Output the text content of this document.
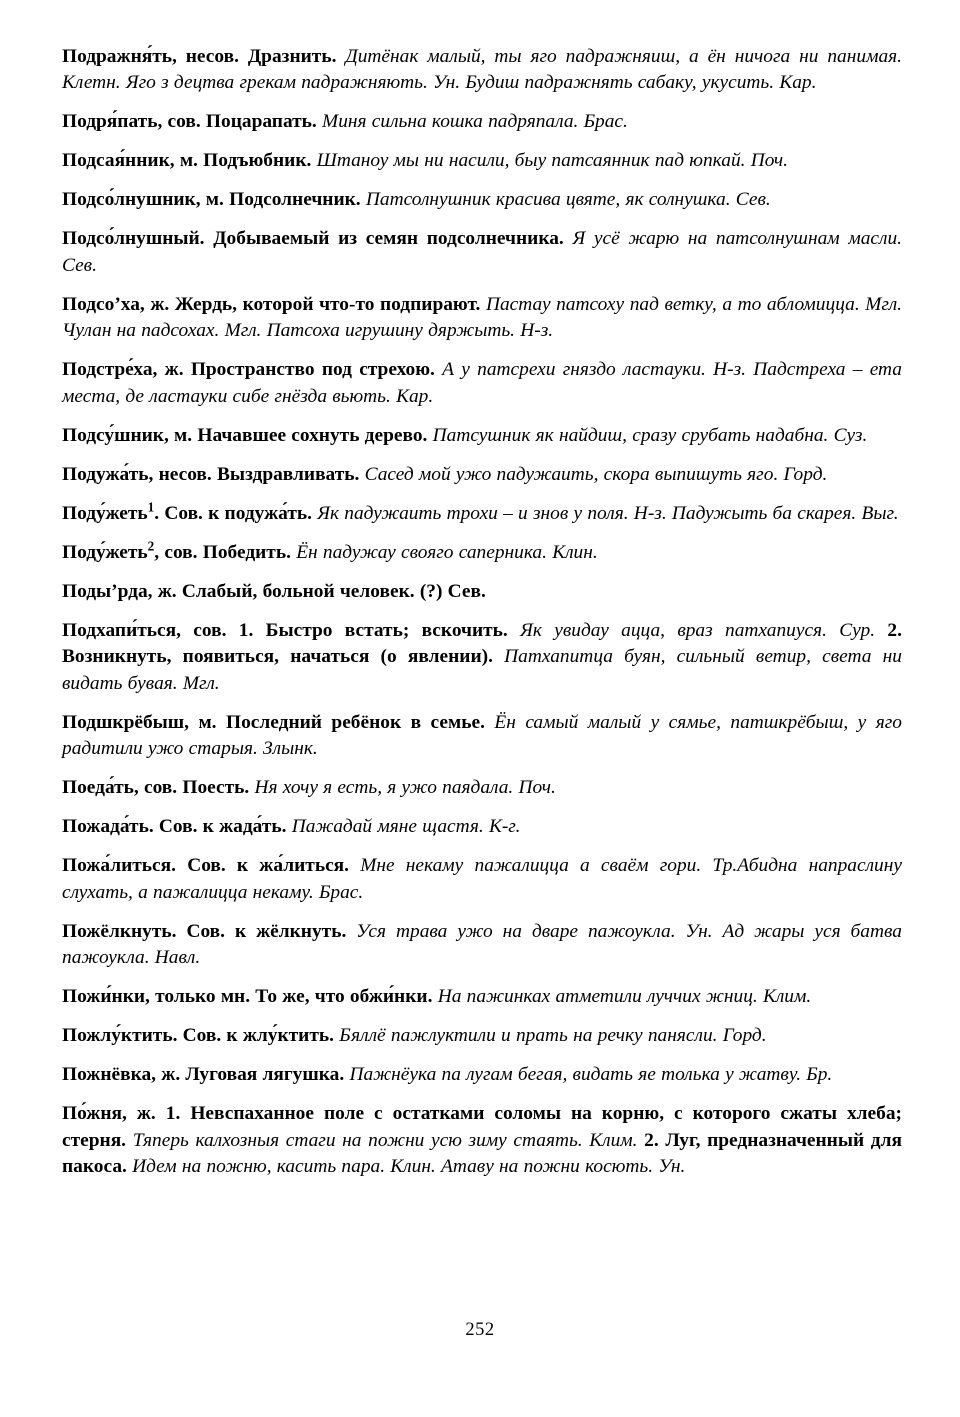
Подражня́ть, несов. Дразнить. Дитёнак малый, ты яго падражняиш, а ён ничога ни панимая. Клетн. Яго з децтва грекам падражняють. Ун. Будиш падражнять сабаку, укусить. Кар.

Подря́пать, сов. Поцарапать. Миня сильна кошка падряпала. Брас.

Подсая́нник, м. Подъюбник. Штаноу мы ни насили, быу патсаянник пад юпкай. Поч.

Подсо́лнушник, м. Подсолнечник. Патсолнушник красива цвяте, як солнушка. Сев.

Подсо́лнушный. Добываемый из семян подсолнечника. Я усё жарю на патсолнушнам масли. Сев.

Подсо’ха, ж. Жердь, которой что-то подпирают. Пастау патсоху пад ветку, а то абломицца. Мгл. Чулан на падсохах. Мгл. Патсоха игрушину дяржыть. Н-з.

Подстре́ха, ж. Пространство под стрехою. А у патсрехи гняздо ластауки. Н-з. Падстреха – ета места, де ластауки сибе гнёзда вьють. Кар.

Подсу́шник, м. Начавшее сохнуть дерево. Патсушник як найдиш, сразу срубать надабна. Суз.

Подужа́ть, несов. Выздравливать. Сасед мой ужо падужаить, скора выпишуть яго. Горд.

Поду́жеть$^1$. Сов. к подужа́ть. Як падужаить трохи – и знов у поля. Н-з. Падужыть ба скарея. Выг.

Поду́жеть$^2$, сов. Победить. Ён падужау свояго саперника. Клин.

Поды’рда, ж. Слабый, больной человек. (?) Сев.

Подхапи́ться, сов. 1. Быстро встать; вскочить. Як увидау ацца, враз патхапиуся. Сур. 2. Возникнуть, появиться, начаться (о явлении). Патхапитца буян, сильный ветир, света ни видать бувая. Мгл.

Подшкрёбыш, м. Последний ребёнок в семье. Ён самый малый у сямье, патшкрёбыш, у яго радитили ужо старыя. Злынк.

Поеда́ть, сов. Поесть. Ня хочу я есть, я ужо паядала. Поч.

Пожада́ть. Сов. к жада́ть. Пажадай мяне щастя. К-г.

Пожа́литься. Сов. к жа́литься. Мне некаму пажалицца а сваём гори. Тр.Абидна напраслину слухать, а пажалицца некаму. Брас.

Пожёлкнуть. Сов. к жёлкнуть. Уся трава ужо на дваре пажоукла. Ун. Ад жары уся батва пажоукла. Навл.

Пожи́нки, только мн. То же, что обжи́нки. На пажинках атметили луччих жниц. Клим.

Пожлу́ктить. Сов. к жлу́ктить. Бяллё пажлуктили и прать на речку панясли. Горд.

Пожнёвка, ж. Луговая лягушка. Пажнёука па лугам бегая, видать яе толька у жатву. Бр.

По́жня, ж. 1. Невспаханное поле с остатками соломы на корню, с которого сжаты хлеба; стерня. Тяперь калхозныя стаги на пожни усю зиму стаять. Клим. 2. Луг, предназначенный для пакоса. Идем на пожню, касить пара. Клин. Атаву на пожни косють. Ун.

252
